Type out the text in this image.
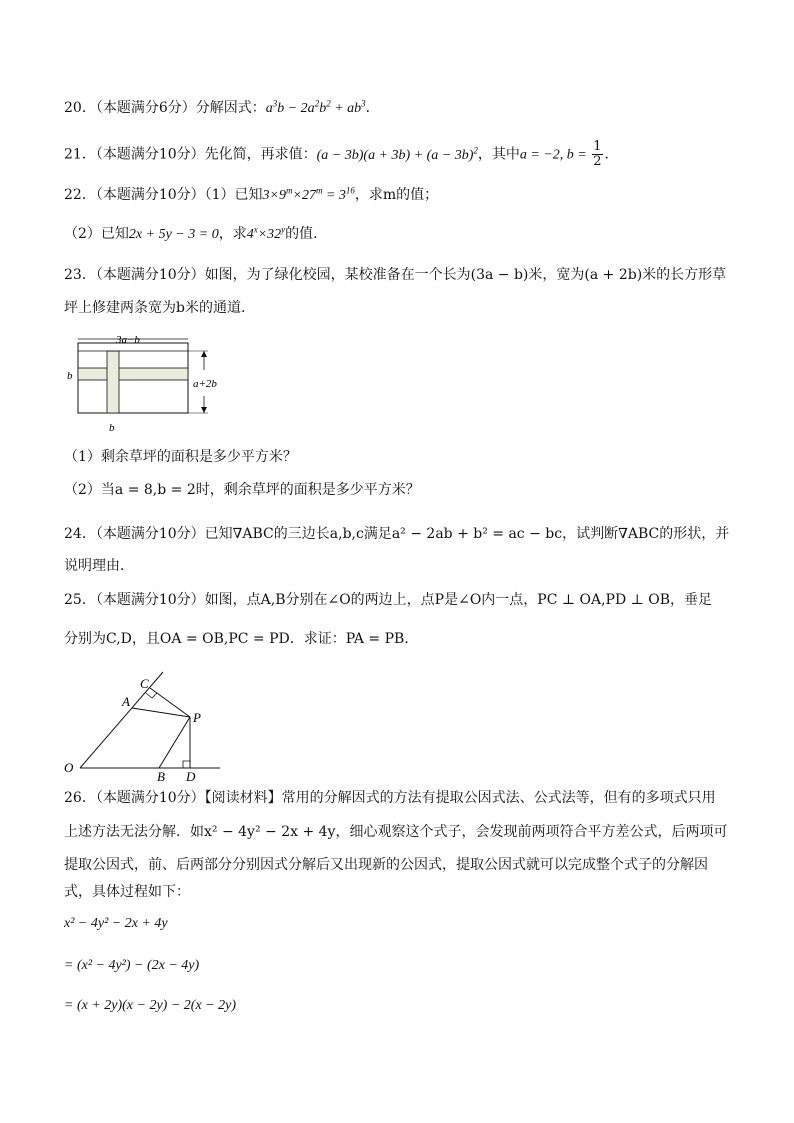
20．（本题满分6分）分解因式：$a^3b - 2a^2b^2 + ab^3$．
21．（本题满分10分）先化简，再求值：$(a - 3b)(a + 3b) + (a - 3b)^2$，其中a = −2, $b = \frac{1}{2}$ ．
22．（本题满分10分）（1）已知$3\times 9^m\times 27^m = 3^{16}$，求m的值；
（2）已知2x + 5y − 3 = 0，求$4^x\times 32^y$的值．
23．（本题满分10分）如图，为了绿化校园，某校准备在一个长为(3a − b)米，宽为(a + 2b)米的长方形草
坪上修建两条宽为b米的通道．
3a−b
a+2b
b
b
（1）剩余草坪的面积是多少平方米？
（2）当a = 8,b = 2时，剩余草坪的面积是多少平方米？
24．（本题满分10分）已知∇ABC的三边长a,b,c满足a² − 2ab + b² = ac − bc，试判断∇ABC的形状，并
说明理由．
25．（本题满分10分）如图，点A,B分别在∠O的两边上，点P是∠O内一点，PC ⊥ OA,PD ⊥ OB，垂足
分别为C,D，且OA = OB,PC = PD．求证：PA = PB．
O
A
C
P
B D
26．（本题满分10分）【阅读材料】常用的分解因式的方法有提取公因式法、公式法等，但有的多项式只用
上述方法无法分解．如x² − 4y² − 2x + 4y，细心观察这个式子，会发现前两项符合平方差公式，后两项可
提取公因式，前、后两部分分别因式分解后又出现新的公因式，提取公因式就可以完成整个式子的分解因
式，具体过程如下：
x² − 4y² − 2x + 4y
= (x² − 4y²) − (2x − 4y)
= (x + 2y)(x − 2y) − 2(x − 2y)
